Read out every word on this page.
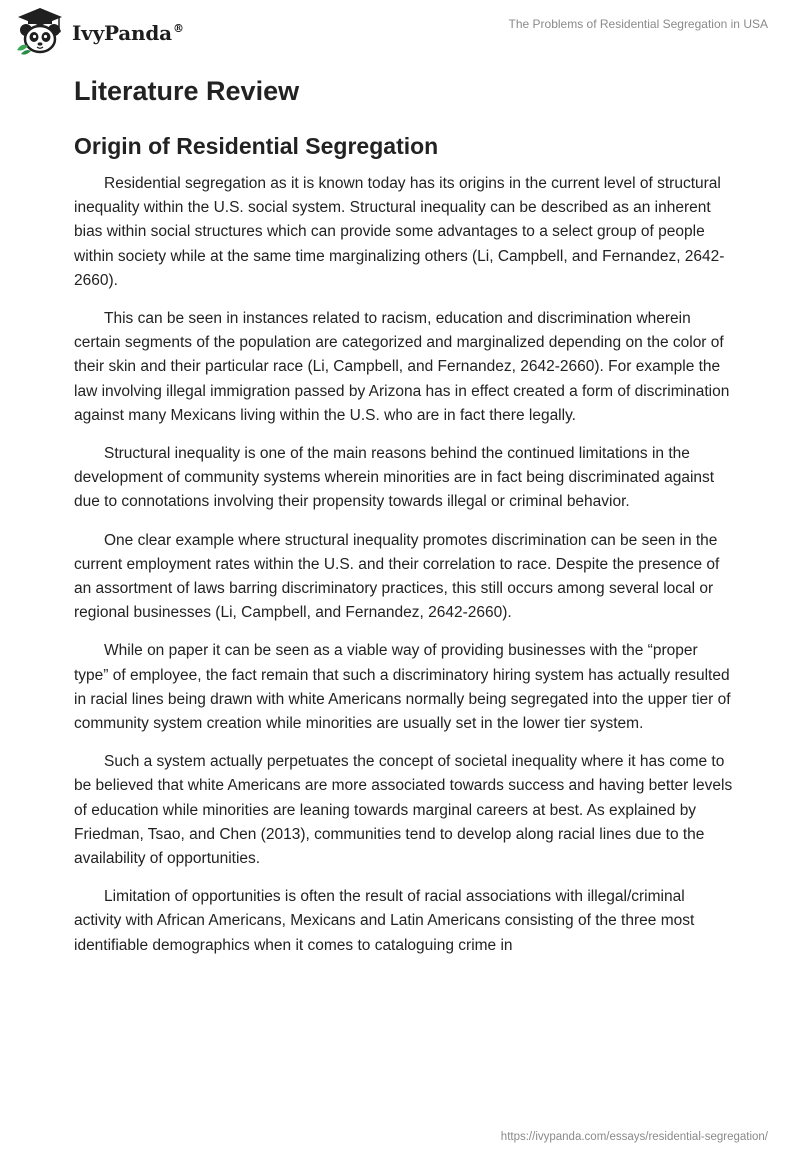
IvyPanda®	The Problems of Residential Segregation in USA
Literature Review
Origin of Residential Segregation

Residential segregation as it is known today has its origins in the current level of structural inequality within the U.S. social system. Structural inequality can be described as an inherent bias within social structures which can provide some advantages to a select group of people within society while at the same time marginalizing others (Li, Campbell, and Fernandez, 2642-2660).

This can be seen in instances related to racism, education and discrimination wherein certain segments of the population are categorized and marginalized depending on the color of their skin and their particular race (Li, Campbell, and Fernandez, 2642-2660). For example the law involving illegal immigration passed by Arizona has in effect created a form of discrimination against many Mexicans living within the U.S. who are in fact there legally.

Structural inequality is one of the main reasons behind the continued limitations in the development of community systems wherein minorities are in fact being discriminated against due to connotations involving their propensity towards illegal or criminal behavior.

One clear example where structural inequality promotes discrimination can be seen in the current employment rates within the U.S. and their correlation to race. Despite the presence of an assortment of laws barring discriminatory practices, this still occurs among several local or regional businesses (Li, Campbell, and Fernandez, 2642-2660).

While on paper it can be seen as a viable way of providing businesses with the “proper type” of employee, the fact remain that such a discriminatory hiring system has actually resulted in racial lines being drawn with white Americans normally being segregated into the upper tier of community system creation while minorities are usually set in the lower tier system.

Such a system actually perpetuates the concept of societal inequality where it has come to be believed that white Americans are more associated towards success and having better levels of education while minorities are leaning towards marginal careers at best. As explained by Friedman, Tsao, and Chen (2013), communities tend to develop along racial lines due to the availability of opportunities.

Limitation of opportunities is often the result of racial associations with illegal/criminal activity with African Americans, Mexicans and Latin Americans consisting of the three most identifiable demographics when it comes to cataloguing crime in

https://ivypanda.com/essays/residential-segregation/
